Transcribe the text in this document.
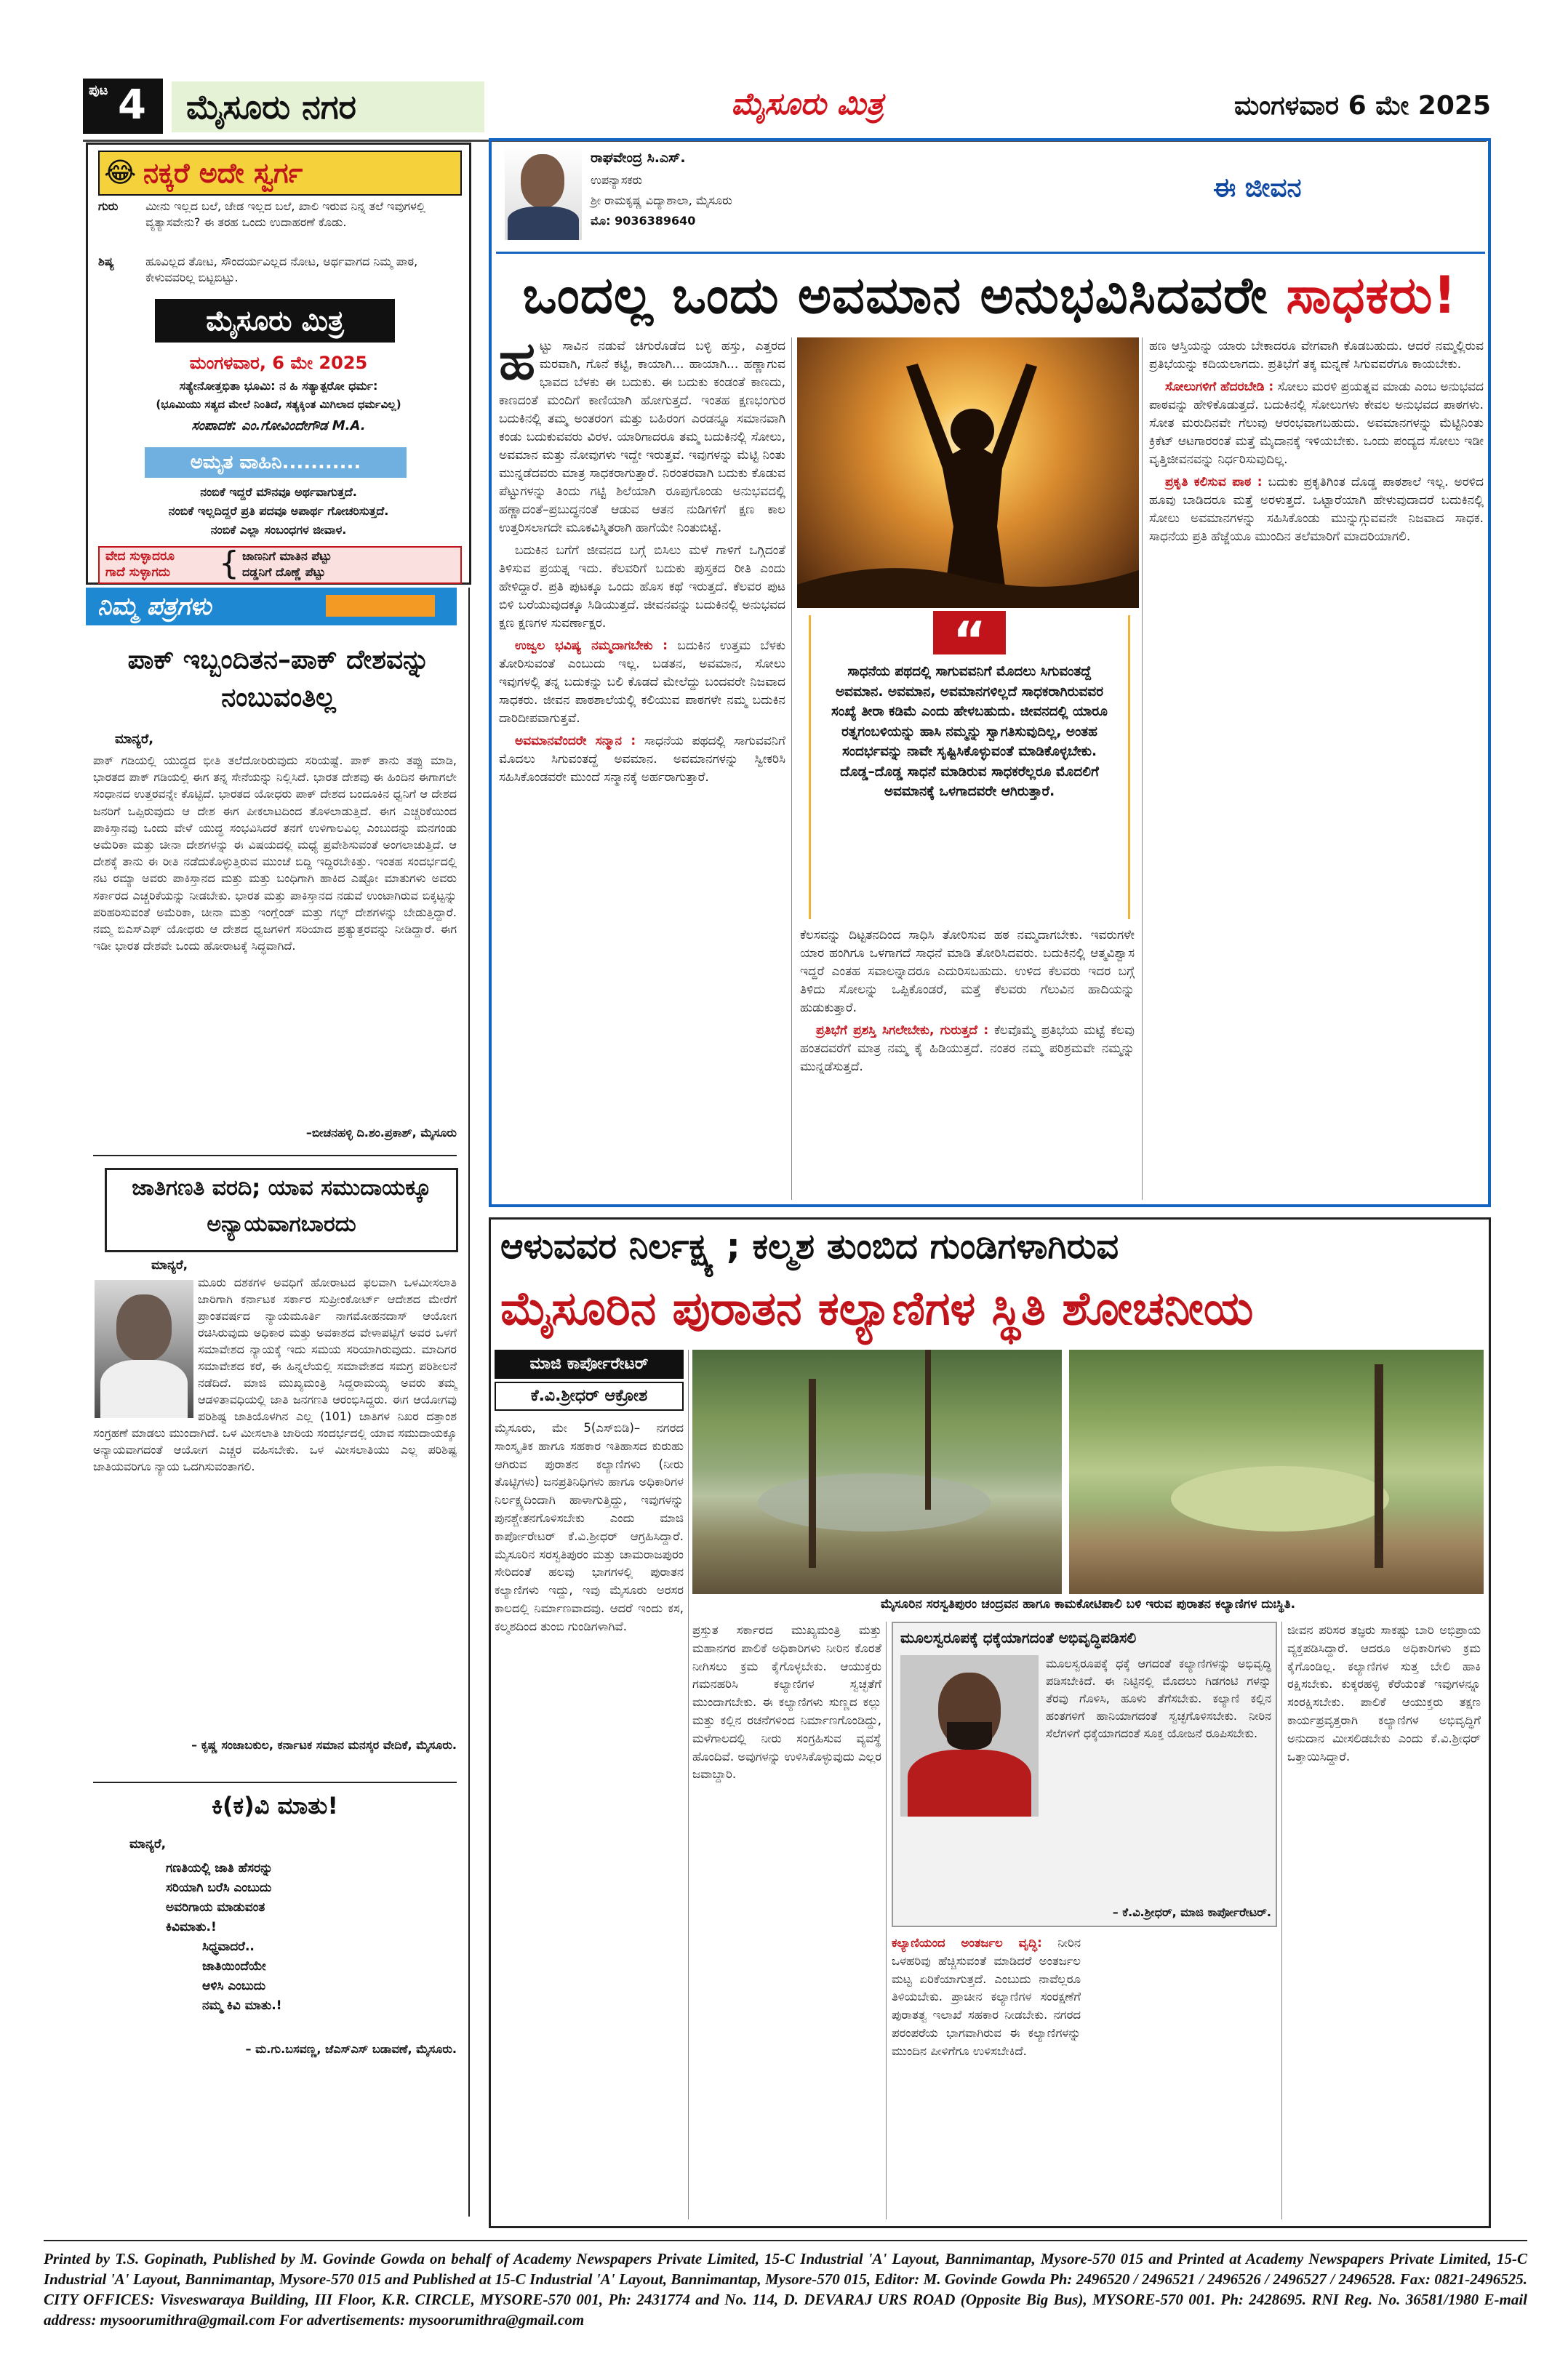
ಪುಟ 4	ಮೈಸೂರು ನಗರ	ಮೈಸೂರು ಮಿತ್ರ	ಮಂಗಳವಾರ 6 ಮೇ 2025
😂 ನಕ್ಕರೆ ಅದೇ ಸ್ವರ್ಗ
ಗುರು ಮೀನು ಇಲ್ಲದ ಬಲೆ, ಜೇಡ ಇಲ್ಲದ ಬಲೆ, ಖಾಲಿ ಇರುವ ನಿನ್ನ ತಲೆ ಇವುಗಳಲ್ಲಿ ವ್ಯತ್ಯಾಸವೇನು? ಈ ತರಹ ಒಂದು ಉದಾಹರಣೆ ಕೊಡು.
ಶಿಷ್ಯ	ಹೂವಿಲ್ಲದ ತೋಟ, ಸೌಂದರ್ಯವಿಲ್ಲದ ನೋಟ, ಅರ್ಥವಾಗದ ನಿಮ್ಮ ಪಾಠ, ಕೇಳುವವರಿಲ್ಲ ಬಿಟ್ಟಬಿಟ್ಟು.
ಮೈಸೂರು ಮಿತ್ರ
ಮಂಗಳವಾರ, 6 ಮೇ 2025
ಸತ್ಯೇನೋತ್ತಭಿತಾ ಭೂಮಿ: ನ ಹಿ ಸತ್ಯಾತ್ಪರೋ ಧರ್ಮ:
(ಭೂಮಿಯು ಸತ್ಯದ ಮೇಲೆ ನಿಂತಿದೆ, ಸತ್ಯಕ್ಕಿಂತ ಮಿಗಿಲಾದ ಧರ್ಮವಿಲ್ಲ)
ಸಂಪಾದಕ: ಎಂ.ಗೋವಿಂದೇಗೌಡ M.A.
ಅಮೃತ ವಾಹಿನಿ...........
ನಂಬಿಕೆ ಇದ್ದರೆ ಮೌನವೂ ಅರ್ಥವಾಗುತ್ತದೆ.
ನಂಬಿಕೆ ಇಲ್ಲದಿದ್ದರೆ ಪ್ರತಿ ಪದವೂ ಅಪಾರ್ಥ ಗೋಚರಿಸುತ್ತದೆ.
ನಂಬಿಕೆ ಎಲ್ಲಾ ಸಂಬಂಧಗಳ ಜೀವಾಳ.
ವೇದ ಸುಳ್ಳಾದರೂ
ಗಾದೆ ಸುಳ್ಳಾಗದು { ಜಾಣನಿಗೆ ಮಾತಿನ ಪೆಟ್ಟು
ದಡ್ಡನಿಗೆ ದೊಣ್ಣೆ ಪೆಟ್ಟು
ನಿಮ್ಮ ಪತ್ರಗಳು
ಪಾಕ್ ಇಬ್ಬಂದಿತನ–ಪಾಕ್ ದೇಶವನ್ನು ನಂಬುವಂತಿಲ್ಲ
ಮಾನ್ಯರೆ,

ಪಾಕ್ ಗಡಿಯಲ್ಲಿ ಯುದ್ಧದ ಭೀತಿ ತಲೆದೋರಿರುವುದು ಸರಿಯಷ್ಟೆ. ಪಾಕ್ ತಾನು ತಪ್ಪು ಮಾಡಿ, ಭಾರತದ ಪಾಕ್ ಗಡಿಯಲ್ಲಿ ಈಗ ತನ್ನ ಸೇನೆಯನ್ನು ನಿಲ್ಲಿಸಿದೆ. ಭಾರತ ದೇಶವು ಈ ಹಿಂದಿನ ಈಗಾಗಲೇ ಸಂಧಾನದ ಉತ್ತರವನ್ನೇ ಕೊಟ್ಟಿದೆ. ಭಾರತದ ಯೋಧರು ಪಾಕ್ ದೇಶದ ಬಂದೂಕಿನ ಧ್ವನಿಗೆ ಆ ದೇಶದ ಜನರಿಗೆ ಒಪ್ಪಿರುವುದು ಆ ದೇಶ ಈಗ ಪೀಕಲಾಟದಿಂದ ತೊಳಲಾಡುತ್ತಿದೆ. ಈಗ ಎಚ್ಚರಿಕೆಯಿಂದ ಪಾಕಿಸ್ತಾನವು ಒಂದು ವೇಳೆ ಯುದ್ಧ ಸಂಭವಿಸಿದರೆ ತನಗೆ ಉಳಿಗಾಲವಿಲ್ಲ ಎಂಬುದನ್ನು ಮನಗಂಡು ಅಮೆರಿಕಾ ಮತ್ತು ಚೀನಾ ದೇಶಗಳನ್ನು ಈ ವಿಷಯದಲ್ಲಿ ಮಧ್ಯೆ ಪ್ರವೇಶಿಸುವಂತೆ ಅಂಗಲಾಚುತ್ತಿದೆ. ಆ ದೇಶಕ್ಕೆ ತಾನು ಈ ರೀತಿ ನಡೆದುಕೊಳ್ಳುತ್ತಿರುವ ಮುಂಚೆ ಬಿದ್ದಿ ಇದ್ದಿರಬೇಕಿತ್ತು. ಇಂತಹ ಸಂದರ್ಭದಲ್ಲಿ ನಟ ರಮ್ಯಾ ಅವರು ಪಾಕಿಸ್ತಾನದ ಮತ್ತು ಮತ್ತು ಬಂಧಿಗಾಗಿ ಹಾಕಿದ ಎಷ್ಟೋ ಮಾತುಗಳು ಅವರು ಸರ್ಕಾರದ ಎಚ್ಚರಿಕೆಯನ್ನು ನೀಡಬೇಕು. ಭಾರತ ಮತ್ತು ಪಾಕಿಸ್ತಾನದ ನಡುವೆ ಉಂಟಾಗಿರುವ ಬಿಕ್ಕಟ್ಟನ್ನು ಪರಿಹರಿಸುವಂತೆ ಅಮೆರಿಕಾ, ಚೀನಾ ಮತ್ತು ಇಂಗ್ಲೆಂಡ್ ಮತ್ತು ಗಲ್ಫ್ ದೇಶಗಳನ್ನು ಬೇಡುತ್ತಿದ್ದಾರೆ. ನಮ್ಮ ಬಿಎಸ್‌ಎಫ್ ಯೋಧರು ಆ ದೇಶದ ಧ್ವಜಗಳಿಗೆ ಸರಿಯಾದ ಪ್ರತ್ಯುತ್ತರವನ್ನು ನೀಡಿದ್ದಾರೆ. ಈಗ ಇಡೀ ಭಾರತ ದೇಶವೇ ಒಂದು ಹೋರಾಟಕ್ಕೆ ಸಿದ್ಧವಾಗಿದೆ.

–ಬೀಚನಹಳ್ಳಿ ದಿ.ಶಂ.ಪ್ರಕಾಶ್, ಮೈಸೂರು
ಜಾತಿಗಣತಿ ವರದಿ; ಯಾವ ಸಮುದಾಯಕ್ಕೂ ಅನ್ಯಾಯವಾಗಬಾರದು
ಮಾನ್ಯರೆ,

ಮೂರು ದಶಕಗಳ ಅವಧಿಗೆ ಹೋರಾಟದ ಫಲವಾಗಿ ಒಳಮೀಸಲಾತಿ ಜಾರಿಗಾಗಿ ಕರ್ನಾಟಕ ಸರ್ಕಾರ ಸುಪ್ರೀಂಕೋರ್ಟ್ ಆದೇಶದ ಮೇರೆಗೆ ಪ್ರಾಂತವರ್ಷದ ನ್ಯಾಯಮೂರ್ತಿ ನಾಗಮೋಹನದಾಸ್ ಆಯೋಗ ರಚಿಸಿರುವುದು ಅಧಿಕಾರ ಮತ್ತು ಅವಕಾಶದ ವೇಳಾಪಟ್ಟಿಗೆ ಅವರ ಒಳಗೆ ಸಮಾವೇಶದ ನ್ಯಾಯಕ್ಕೆ ಇದು ಸಮಯ ಸರಿಯಾಗಿರುವುದು. ಮಾದಿಗರ ಸಮಾವೇಶದ ಕರೆ, ಈ ಹಿನ್ನಲೆಯಲ್ಲಿ ಸಮಾವೇಶದ ಸಮಗ್ರ ಪರಿಶೀಲನೆ ನಡೆದಿದೆ. ಮಾಜಿ ಮುಖ್ಯಮಂತ್ರಿ ಸಿದ್ದರಾಮಯ್ಯ ಅವರು ತಮ್ಮ ಆಡಳಿತಾವಧಿಯಲ್ಲಿ ಜಾತಿ ಜನಗಣತಿ ಆರಂಭಿಸಿದ್ದರು. ಈಗ ಆಯೋಗವು ಪರಿಶಿಷ್ಟ ಜಾತಿಯೊಳಗಿನ ಎಲ್ಲ (101) ಜಾತಿಗಳ ನಿಖರ ದತ್ತಾಂಶ ಸಂಗ್ರಹಣೆ ಮಾಡಲು ಮುಂದಾಗಿದೆ. ಒಳ ಮೀಸಲಾತಿ ಜಾರಿಯ ಸಂದರ್ಭದಲ್ಲಿ ಯಾವ ಸಮುದಾಯಕ್ಕೂ ಅನ್ಯಾಯವಾಗದಂತೆ ಆಯೋಗ ಎಚ್ಚರ ವಹಿಸಬೇಕು. ಒಳ ಮೀಸಲಾತಿಯು ಎಲ್ಲ ಪರಿಶಿಷ್ಟ ಜಾತಿಯವರಿಗೂ ನ್ಯಾಯ ಒದಗಿಸುವಂತಾಗಲಿ.

– ಕೃಷ್ಣ ಸಂಜಾಬಕುಲ, ಕರ್ನಾಟಕ ಸಮಾನ ಮನಸ್ಕರ ವೇದಿಕೆ, ಮೈಸೂರು.
ಕಿ(ಕ)ವಿ ಮಾತು!
ಮಾನ್ಯರೆ,
ಗಣತಿಯಲ್ಲಿ ಜಾತಿ ಹೆಸರನ್ನು
ಸರಿಯಾಗಿ ಬರೆಸಿ ಎಂಬುದು
ಅವರಿಗಾಯ ಮಾಡುವಂತ
ಕಿವಿಮಾತು.!
ಸಿಧ್ಧವಾದರೆ..
ಜಾತಿಯಿಂದೆಯೇ
ಆಳಿಸಿ ಎಂಬುದು
ನಮ್ಮ ಕಿವಿ ಮಾತು.!
– ಮ.ಗು.ಬಸವಣ್ಣ, ಜೆಎಸ್‌ಎಸ್ ಬಡಾವಣೆ, ಮೈಸೂರು.
ರಾಘವೇಂದ್ರ ಸಿ.ಎಸ್.
ಉಪನ್ಯಾಸಕರು
ಶ್ರೀ ರಾಮಕೃಷ್ಣ ವಿದ್ಯಾಶಾಲಾ, ಮೈಸೂರು
ಮೊ: 9036389640
ಈ ಜೀವನ
ಒಂದಲ್ಲ ಒಂದು ಅವಮಾನ ಅನುಭವಿಸಿದವರೇ ಸಾಧಕರು!

ಹಟ್ಟು ಸಾವಿನ ನಡುವೆ ಚಿಗುರೊಡೆದ ಬಳ್ಳಿ ಹಸ್ತು, ಎತ್ತರದ ಮರವಾಗಿ, ಗೊನೆ ಕಟ್ಟಿ, ಕಾಯಾಗಿ... ಹಾಯಾಗಿ... ಹಣ್ಣಾಗುವ ಭಾವದ ಬೆಳಕು ಈ ಬದುಕು. ಈ ಬದುಕು ಕಂಡಂತೆ ಕಾಣದು, ಕಾಣದಂತೆ ಮಂದಿಗೆ ಕಾಣಿಯಾಗಿ ಹೋಗುತ್ತದೆ. ಇಂತಹ ಕ್ಷಣಭಂಗುರ ಬದುಕಿನಲ್ಲಿ ತಮ್ಮ ಅಂತರಂಗ ಮತ್ತು ಬಹಿರಂಗ ಎರಡನ್ನೂ ಸಮಾನವಾಗಿ ಕಂಡು ಬದುಕುವವರು ವಿರಳ. ಯಾರಿಗಾದರೂ ತಮ್ಮ ಬದುಕಿನಲ್ಲಿ ಸೋಲು, ಅವಮಾನ ಮತ್ತು ನೋವುಗಳು ಇದ್ದೇ ಇರುತ್ತವೆ. ಇವುಗಳನ್ನು ಮೆಟ್ಟಿ ನಿಂತು ಮುನ್ನಡೆದವರು ಮಾತ್ರ ಸಾಧಕರಾಗುತ್ತಾರೆ. ನಿರಂತರವಾಗಿ ಬದುಕು ಕೊಡುವ ಪೆಟ್ಟುಗಳನ್ನು ತಿಂದು ಗಟ್ಟಿ ಶಿಲೆಯಾಗಿ ರೂಪುಗೊಂಡು ಅನುಭವದಲ್ಲಿ ಹಣ್ಣಾದಂತೆ–ಪ್ರಬುದ್ಧನಂತೆ ಆಡುವ ಆತನ ನುಡಿಗಳಿಗೆ ಕ್ಷಣ ಕಾಲ ಉತ್ತರಿಸಲಾಗದೇ ಮೂಕವಿಸ್ಮಿತರಾಗಿ ಹಾಗೆಯೇ ನಿಂತುಬಿಟ್ಟೆ.

ಬದುಕಿನ ಬಗೆಗೆ ಜೀವನದ ಬಗ್ಗೆ ಬಿಸಿಲು ಮಳೆ ಗಾಳಿಗೆ ಒಗ್ಗಿದಂತೆ ತಿಳಿಸುವ ಪ್ರಯತ್ನ ಇದು. ಕೆಲವರಿಗೆ ಬದುಕು ಪುಸ್ತಕದ ರೀತಿ ಎಂದು ಹೇಳಿದ್ದಾರೆ. ಪ್ರತಿ ಪುಟಕ್ಕೂ ಒಂದು ಹೊಸ ಕಥೆ ಇರುತ್ತದೆ. ಕೆಲವರ ಪುಟ ಬಿಳಿ ಬರೆಯುವುದಕ್ಕೂ ಸಿಡಿಯುತ್ತದೆ. ಜೀವನವನ್ನು ಬದುಕಿನಲ್ಲಿ ಅನುಭವದ ಕ್ಷಣ ಕ್ಷಣಗಳ ಸುವರ್ಣಾಕ್ಷರ.

ಉಜ್ವಲ ಭವಿಷ್ಯ ನಮ್ಮದಾಗಬೇಕು : ಬದುಕಿನ ಉತ್ತಮ ಬೆಳಕು ತೋರಿಸುವಂತೆ ಎಂಬುದು ಇಲ್ಲ. ಬಡತನ, ಅವಮಾನ, ಸೋಲು ಇವುಗಳಲ್ಲಿ ತನ್ನ ಬದುಕನ್ನು ಬಲಿ ಕೊಡದೆ ಮೇಲೆದ್ದು ಬಂದವರೇ ನಿಜವಾದ ಸಾಧಕರು. ಜೀವನ ಪಾಠಶಾಲೆಯಲ್ಲಿ ಕಲಿಯುವ ಪಾಠಗಳೇ ನಮ್ಮ ಬದುಕಿನ ದಾರಿದೀಪವಾಗುತ್ತವೆ.

ಅವಮಾನವೆಂದರೇ ಸನ್ಮಾನ : ಸಾಧನೆಯ ಪಥದಲ್ಲಿ ಸಾಗುವವನಿಗೆ ಮೊದಲು ಸಿಗುವಂತದ್ದೆ ಅವಮಾನ. ಅವಮಾನಗಳನ್ನು ಸ್ವೀಕರಿಸಿ ಸಹಿಸಿಕೊಂಡವರೇ ಮುಂದೆ ಸನ್ಮಾನಕ್ಕೆ ಅರ್ಹರಾಗುತ್ತಾರೆ.

“
ಸಾಧನೆಯ ಪಥದಲ್ಲಿ ಸಾಗುವವನಿಗೆ ಮೊದಲು ಸಿಗುವಂತದ್ದೆ ಅವಮಾನ. ಅವಮಾನ, ಅವಮಾನಗಳಿಲ್ಲದೆ ಸಾಧಕರಾಗಿರುವವರ ಸಂಖ್ಯೆ ತೀರಾ ಕಡಿಮೆ ಎಂದು ಹೇಳಬಹುದು. ಜೀವನದಲ್ಲಿ ಯಾರೂ ರತ್ನಗಂಬಳಿಯನ್ನು ಹಾಸಿ ನಮ್ಮನ್ನು ಸ್ವಾಗತಿಸುವುದಿಲ್ಲ, ಅಂತಹ ಸಂದರ್ಭವನ್ನು ನಾವೇ ಸೃಷ್ಟಿಸಿಕೊಳ್ಳುವಂತೆ ಮಾಡಿಕೊಳ್ಳಬೇಕು. ದೊಡ್ಡ–ದೊಡ್ಡ ಸಾಧನೆ ಮಾಡಿರುವ ಸಾಧಕರೆಲ್ಲರೂ ಮೊದಲಿಗೆ ಅವಮಾನಕ್ಕೆ ಒಳಗಾದವರೇ ಆಗಿರುತ್ತಾರೆ.

ಕೆಲಸವನ್ನು ದಿಟ್ಟತನದಿಂದ ಸಾಧಿಸಿ ತೋರಿಸುವ ಹಠ ನಮ್ಮದಾಗಬೇಕು. ಇವರುಗಳೇ ಯಾರ ಹಂಗಿಗೂ ಒಳಗಾಗದೆ ಸಾಧನೆ ಮಾಡಿ ತೋರಿಸಿದವರು. ಬದುಕಿನಲ್ಲಿ ಆತ್ಮವಿಶ್ವಾಸ ಇದ್ದರೆ ಎಂತಹ ಸವಾಲನ್ನಾದರೂ ಎದುರಿಸಬಹುದು. ಉಳಿದ ಕೆಲವರು ಇದರ ಬಗ್ಗೆ ತಿಳಿದು ಸೋಲನ್ನು ಒಪ್ಪಿಕೊಂಡರೆ, ಮತ್ತೆ ಕೆಲವರು ಗೆಲುವಿನ ಹಾದಿಯನ್ನು ಹುಡುಕುತ್ತಾರೆ.

ಪ್ರತಿಭೆಗೆ ಪ್ರಶಸ್ತಿ ಸಿಗಲೇಬೇಕು, ಗುರುತ್ತದೆ : ಕೆಲವೊಮ್ಮೆ ಪ್ರತಿಭೆಯ ಮಟ್ಟೆ ಕೆಲವು ಹಂತದವರೆಗೆ ಮಾತ್ರ ನಮ್ಮ ಕೈ ಹಿಡಿಯುತ್ತದೆ. ನಂತರ ನಮ್ಮ ಪರಿಶ್ರಮವೇ ನಮ್ಮನ್ನು ಮುನ್ನಡೆಸುತ್ತದೆ.

ಹಣ ಆಸ್ತಿಯನ್ನು ಯಾರು ಬೇಕಾದರೂ ವೇಗವಾಗಿ ಕೊಡಬಹುದು. ಆದರೆ ನಮ್ಮಲ್ಲಿರುವ ಪ್ರತಿಭೆಯನ್ನು ಕದಿಯಲಾಗದು. ಪ್ರತಿಭೆಗೆ ತಕ್ಕ ಮನ್ನಣೆ ಸಿಗುವವರೆಗೂ ಕಾಯಬೇಕು.

ಸೋಲುಗಳಿಗೆ ಹೆದರಬೇಡಿ : ಸೋಲು ಮರಳಿ ಪ್ರಯತ್ನವ ಮಾಡು ಎಂಬ ಅನುಭವದ ಪಾಠವನ್ನು ಹೇಳಿಕೊಡುತ್ತದೆ. ಬದುಕಿನಲ್ಲಿ ಸೋಲುಗಳು ಕೇವಲ ಅನುಭವದ ಪಾಠಗಳು. ಸೋತ ಮರುದಿನವೇ ಗೆಲುವು ಆರಂಭವಾಗಬಹುದು. ಅವಮಾನಗಳನ್ನು ಮೆಟ್ಟಿನಿಂತು ಕ್ರಿಕೆಟ್ ಆಟಗಾರರಂತೆ ಮತ್ತೆ ಮೈದಾನಕ್ಕೆ ಇಳಿಯಬೇಕು. ಒಂದು ಪಂದ್ಯದ ಸೋಲು ಇಡೀ ವೃತ್ತಿಜೀವನವನ್ನು ನಿರ್ಧರಿಸುವುದಿಲ್ಲ.

ಪ್ರಕೃತಿ ಕಲಿಸುವ ಪಾಠ : ಬದುಕು ಪ್ರಕೃತಿಗಿಂತ ದೊಡ್ಡ ಪಾಠಶಾಲೆ ಇಲ್ಲ. ಅರಳಿದ ಹೂವು ಬಾಡಿದರೂ ಮತ್ತೆ ಅರಳುತ್ತದೆ. ಒಟ್ಟಾರೆಯಾಗಿ ಹೇಳುವುದಾದರೆ ಬದುಕಿನಲ್ಲಿ ಸೋಲು ಅವಮಾನಗಳನ್ನು ಸಹಿಸಿಕೊಂಡು ಮುನ್ನುಗ್ಗುವವನೇ ನಿಜವಾದ ಸಾಧಕ. ಸಾಧನೆಯ ಪ್ರತಿ ಹೆಜ್ಜೆಯೂ ಮುಂದಿನ ತಲೆಮಾರಿಗೆ ಮಾದರಿಯಾಗಲಿ.

ಆಳುವವರ ನಿರ್ಲಕ್ಷ್ಯ ; ಕಲ್ಮಶ ತುಂಬಿದ ಗುಂಡಿಗಳಾಗಿರುವ
ಮೈಸೂರಿನ ಪುರಾತನ ಕಲ್ಯಾಣಿಗಳ ಸ್ಥಿತಿ ಶೋಚನೀಯ
ಮಾಜಿ ಕಾರ್ಪೋರೇಟರ್
ಕೆ.ವಿ.ಶ್ರೀಧರ್ ಆಕ್ರೋಶ

ಮೈಸೂರು, ಮೇ 5(ಎಸ್‌ಬಿಡಿ)– ನಗರದ ಸಾಂಸ್ಕೃತಿಕ ಹಾಗೂ ಸಹಕಾರ ಇತಿಹಾಸದ ಕುರುಹು ಆಗಿರುವ ಪುರಾತನ ಕಲ್ಯಾಣಿಗಳು (ನೀರು ತೊಟ್ಟಿಗಳು) ಜನಪ್ರತಿನಿಧಿಗಳು ಹಾಗೂ ಅಧಿಕಾರಿಗಳ ನಿರ್ಲಕ್ಷ್ಯದಿಂದಾಗಿ ಹಾಳಾಗುತ್ತಿದ್ದು, ಇವುಗಳನ್ನು ಪುನಶ್ಚೇತನಗೊಳಿಸಬೇಕು ಎಂದು ಮಾಜಿ ಕಾರ್ಪೋರೇಟರ್ ಕೆ.ವಿ.ಶ್ರೀಧರ್ ಆಗ್ರಹಿಸಿದ್ದಾರೆ. ಮೈಸೂರಿನ ಸರಸ್ವತಿಪುರಂ ಮತ್ತು ಚಾಮರಾಜಪುರಂ ಸೇರಿದಂತೆ ಹಲವು ಭಾಗಗಳಲ್ಲಿ ಪುರಾತನ ಕಲ್ಯಾಣಿಗಳು ಇದ್ದು, ಇವು ಮೈಸೂರು ಅರಸರ ಕಾಲದಲ್ಲಿ ನಿರ್ಮಾಣವಾದವು. ಆದರೆ ಇಂದು ಕಸ, ಕಲ್ಮಶದಿಂದ ತುಂಬಿ ಗುಂಡಿಗಳಾಗಿವೆ.

ಮೈಸೂರಿನ ಸರಸ್ವತಿಪುರಂ ಚಂದ್ರವನ ಹಾಗೂ ಕಾಮಕೋಟಿಪಾಲಿ ಬಳಿ ಇರುವ ಪುರಾತನ ಕಲ್ಯಾಣಿಗಳ ದುಃಸ್ಥಿತಿ.

ಪ್ರಸ್ತುತ ಸರ್ಕಾರದ ಮುಖ್ಯಮಂತ್ರಿ ಮತ್ತು ಮಹಾನಗರ ಪಾಲಿಕೆ ಅಧಿಕಾರಿಗಳು ನೀರಿನ ಕೊರತೆ ನೀಗಿಸಲು ಕ್ರಮ ಕೈಗೊಳ್ಳಬೇಕು. ಆಯುಕ್ತರು ಗಮನಹರಿಸಿ ಕಲ್ಯಾಣಿಗಳ ಸ್ವಚ್ಛತೆಗೆ ಮುಂದಾಗಬೇಕು. ಈ ಕಲ್ಯಾಣಿಗಳು ಸುಣ್ಣದ ಕಲ್ಲು ಮತ್ತು ಕಲ್ಲಿನ ರಚನೆಗಳಿಂದ ನಿರ್ಮಾಣಗೊಂಡಿದ್ದು, ಮಳೆಗಾಲದಲ್ಲಿ ನೀರು ಸಂಗ್ರಹಿಸುವ ವ್ಯವಸ್ಥೆ ಹೊಂದಿವೆ. ಅವುಗಳನ್ನು ಉಳಿಸಿಕೊಳ್ಳುವುದು ಎಲ್ಲರ ಜವಾಬ್ದಾರಿ.

ಮೂಲಸ್ವರೂಪಕ್ಕೆ ಧಕ್ಕೆಯಾಗದಂತೆ ಅಭಿವೃದ್ಧಿಪಡಿಸಲಿ

ಮೂಲಸ್ವರೂಪಕ್ಕೆ ಧಕ್ಕೆ ಆಗದಂತೆ ಕಲ್ಯಾಣಿಗಳನ್ನು ಅಭಿವೃದ್ಧಿ ಪಡಿಸಬೇಕಿದೆ. ಈ ನಿಟ್ಟಿನಲ್ಲಿ ಮೊದಲು ಗಿಡಗಂಟಿ ಗಳನ್ನು ತೆರವು ಗೊಳಿಸಿ, ಹೂಳು ತೆಗೆಸಬೇಕು. ಕಲ್ಯಾಣಿ ಕಲ್ಲಿನ ಹಂತಗಳಿಗೆ ಹಾನಿಯಾಗದಂತೆ ಸ್ವಚ್ಛಗೊಳಿಸಬೇಕು. ನೀರಿನ ಸೆಲೆಗಳಿಗೆ ಧಕ್ಕೆಯಾಗದಂತೆ ಸೂಕ್ತ ಯೋಜನೆ ರೂಪಿಸಬೇಕು.

– ಕೆ.ವಿ.ಶ್ರೀಧರ್, ಮಾಜಿ ಕಾರ್ಪೋರೇಟರ್.

ಕಲ್ಯಾಣಿಯಂದ ಅಂತರ್ಜಲ ವೃದ್ಧಿ: ನೀರಿನ ಒಳಹರಿವು ಹೆಚ್ಚಿಸುವಂತೆ ಮಾಡಿದರೆ ಅಂತರ್ಜಲ ಮಟ್ಟ ಏರಿಕೆಯಾಗುತ್ತದೆ. ಎಂಬುದು ನಾವೆಲ್ಲರೂ ತಿಳಿಯಬೇಕು. ಪ್ರಾಚೀನ ಕಲ್ಯಾಣಿಗಳ ಸಂರಕ್ಷಣೆಗೆ ಪುರಾತತ್ವ ಇಲಾಖೆ ಸಹಕಾರ ನೀಡಬೇಕು. ನಗರದ ಪರಂಪರೆಯ ಭಾಗವಾಗಿರುವ ಈ ಕಲ್ಯಾಣಿಗಳನ್ನು ಮುಂದಿನ ಪೀಳಿಗೆಗೂ ಉಳಿಸಬೇಕಿದೆ.

ಜೀವನ ಪರಿಸರ ತಜ್ಞರು ಸಾಕಷ್ಟು ಬಾರಿ ಅಭಿಪ್ರಾಯ ವ್ಯಕ್ತಪಡಿಸಿದ್ದಾರೆ. ಆದರೂ ಅಧಿಕಾರಿಗಳು ಕ್ರಮ ಕೈಗೊಂಡಿಲ್ಲ. ಕಲ್ಯಾಣಿಗಳ ಸುತ್ತ ಬೇಲಿ ಹಾಕಿ ರಕ್ಷಿಸಬೇಕು. ಕುಕ್ಕರಹಳ್ಳಿ ಕೆರೆಯಂತೆ ಇವುಗಳನ್ನೂ ಸಂರಕ್ಷಿಸಬೇಕು. ಪಾಲಿಕೆ ಆಯುಕ್ತರು ತಕ್ಷಣ ಕಾರ್ಯಪ್ರವೃತ್ತರಾಗಿ ಕಲ್ಯಾಣಿಗಳ ಅಭಿವೃದ್ಧಿಗೆ ಅನುದಾನ ಮೀಸಲಿಡಬೇಕು ಎಂದು ಕೆ.ವಿ.ಶ್ರೀಧರ್ ಒತ್ತಾಯಿಸಿದ್ದಾರೆ.

Printed by T.S. Gopinath, Published by M. Govinde Gowda on behalf of Academy Newspapers Private Limited, 15-C Industrial 'A' Layout, Bannimantap, Mysore-570 015 and Printed at Academy Newspapers Private Limited, 15-C Industrial 'A' Layout, Bannimantap, Mysore-570 015 and Published at 15-C Industrial 'A' Layout, Bannimantap, Mysore-570 015, Editor: M. Govinde Gowda Ph: 2496520 / 2496521 / 2496526 / 2496527 / 2496528. Fax: 0821-2496525. CITY OFFICES: Visveswaraya Building, III Floor, K.R. CIRCLE, MYSORE-570 001, Ph: 2431774 and No. 114, D. DEVARAJ URS ROAD (Opposite Big Bus), MYSORE-570 001. Ph: 2428695. RNI Reg. No. 36581/1980 E-mail address: mysoorumithra@gmail.com For advertisements: mysoorumithra@gmail.com
